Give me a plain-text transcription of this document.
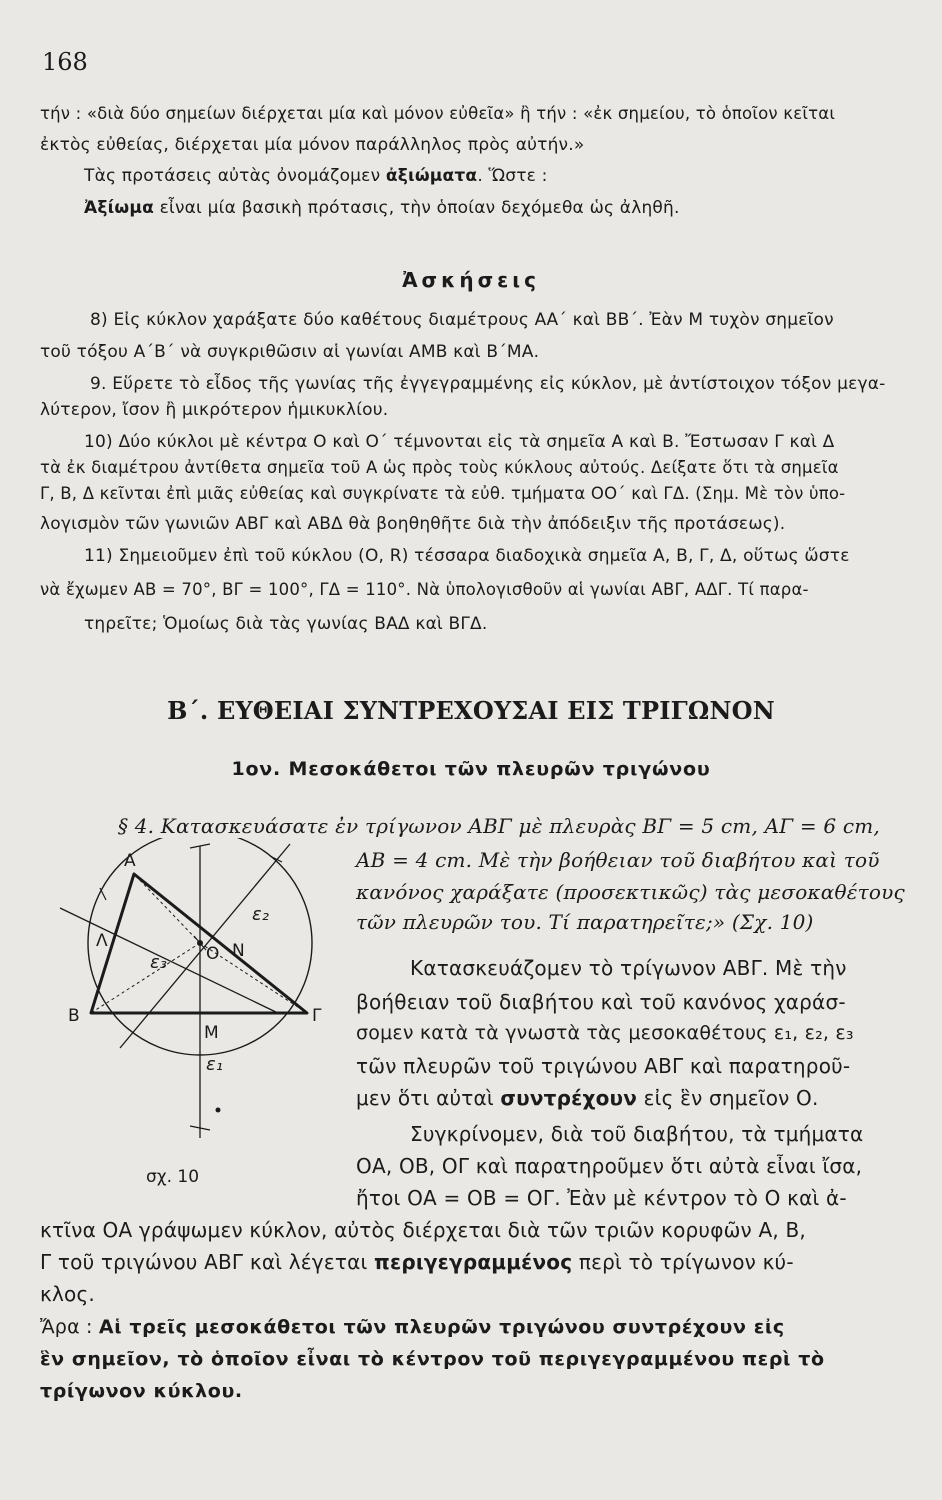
168
τήν : «διὰ δύο σημείων διέρχεται μία καὶ μόνον εὐθεῖα» ἢ τήν : «ἐκ σημείου, τὸ ὁποῖον κεῖται
ἐκτὸς εὐθείας, διέρχεται μία μόνον παράλληλος πρὸς αὐτήν.»
Τὰς προτάσεις αὐτὰς ὀνομάζομεν ἀξιώματα. Ὥστε :
Ἀξίωμα εἶναι μία βασικὴ πρότασις, τὴν ὁποίαν δεχόμεθα ὡς ἀληθῆ.
Ἀσκήσεις
8) Εἰς κύκλον χαράξατε δύο καθέτους διαμέτρους ΑΑ΄ καὶ ΒΒ΄. Ἐὰν Μ τυχὸν σημεῖον
τοῦ τόξου Α΄Β΄ νὰ συγκριθῶσιν αἱ γωνίαι ΑΜΒ καὶ Β΄ΜΑ.
9. Εὕρετε τὸ εἶδος τῆς γωνίας τῆς ἐγγεγραμμένης εἰς κύκλον, μὲ ἀντίστοιχον τόξον μεγα-
λύτερον, ἴσον ἢ μικρότερον ἡμικυκλίου.
10) Δύο κύκλοι μὲ κέντρα Ο καὶ Ο΄ τέμνονται εἰς τὰ σημεῖα Α καὶ Β. Ἔστωσαν Γ καὶ Δ
τὰ ἐκ διαμέτρου ἀντίθετα σημεῖα τοῦ Α ὡς πρὸς τοὺς κύκλους αὐτούς. Δείξατε ὅτι τὰ σημεῖα
Γ, Β, Δ κεῖνται ἐπὶ μιᾶς εὐθείας καὶ συγκρίνατε τὰ εὐθ. τμήματα ΟΟ΄ καὶ ΓΔ. (Σημ. Μὲ τὸν ὑπο-
λογισμὸν τῶν γωνιῶν ΑΒΓ καὶ ΑΒΔ θὰ βοηθηθῆτε διὰ τὴν ἀπόδειξιν τῆς προτάσεως).
11) Σημειοῦμεν ἐπὶ τοῦ κύκλου (Ο, R) τέσσαρα διαδοχικὰ σημεῖα Α, Β, Γ, Δ, οὕτως ὥστε
νὰ ἔχωμεν ΑΒ = 70°, ΒΓ = 100°, ΓΔ = 110°. Νὰ ὑπολογισθοῦν αἱ γωνίαι ΑΒΓ, ΑΔΓ. Τί παρα-
τηρεῖτε; Ὁμοίως διὰ τὰς γωνίας ΒΑΔ καὶ ΒΓΔ.
Β΄. ΕΥΘΕΙΑΙ ΣΥΝΤΡΕΧΟΥΣΑΙ ΕΙΣ ΤΡΙΓΩΝΟΝ
1ον. Μεσοκάθετοι τῶν πλευρῶν τριγώνου
§ 4. Κατασκευάσατε ἐν τρίγωνον ΑΒΓ μὲ πλευρὰς ΒΓ = 5 cm, ΑΓ = 6 cm,
ΑΒ = 4 cm. Μὲ τὴν βοήθειαν τοῦ διαβήτου καὶ τοῦ
κανόνος χαράξατε (προσεκτικῶς) τὰς μεσοκαθέτους
τῶν πλευρῶν του. Τί παρατηρεῖτε;» (Σχ. 10)
Κατασκευάζομεν τὸ τρίγωνον ΑΒΓ. Μὲ τὴν
βοήθειαν τοῦ διαβήτου καὶ τοῦ κανόνος χαράσ-
σομεν κατὰ τὰ γνωστὰ τὰς μεσοκαθέτους ε₁, ε₂, ε₃
τῶν πλευρῶν τοῦ τριγώνου ΑΒΓ καὶ παρατηροῦ-
μεν ὅτι αὐταὶ συντρέχουν εἰς ἓν σημεῖον Ο.
Συγκρίνομεν, διὰ τοῦ διαβήτου, τὰ τμήματα
ΟΑ, ΟΒ, ΟΓ καὶ παρατηροῦμεν ὅτι αὐτὰ εἶναι ἴσα,
ἤτοι ΟΑ = ΟΒ = ΟΓ. Ἐὰν μὲ κέντρον τὸ Ο καὶ ἀ-
κτῖνα ΟΑ γράψωμεν κύκλον, αὐτὸς διέρχεται διὰ τῶν τριῶν κορυφῶν Α, Β,
Γ τοῦ τριγώνου ΑΒΓ καὶ λέγεται περιγεγραμμένος περὶ τὸ τρίγωνον κύ-
κλος.
Ἄρα : Αἱ τρεῖς μεσοκάθετοι τῶν πλευρῶν τριγώνου συντρέχουν εἰς
ἓν σημεῖον, τὸ ὁποῖον εἶναι τὸ κέντρον τοῦ περιγεγραμμένου περὶ τὸ
τρίγωνον κύκλου.
Α
Β	Γ
Ο
Μ
Ν
Λ
ε₁
ε₂
ε₃
σχ. 10
